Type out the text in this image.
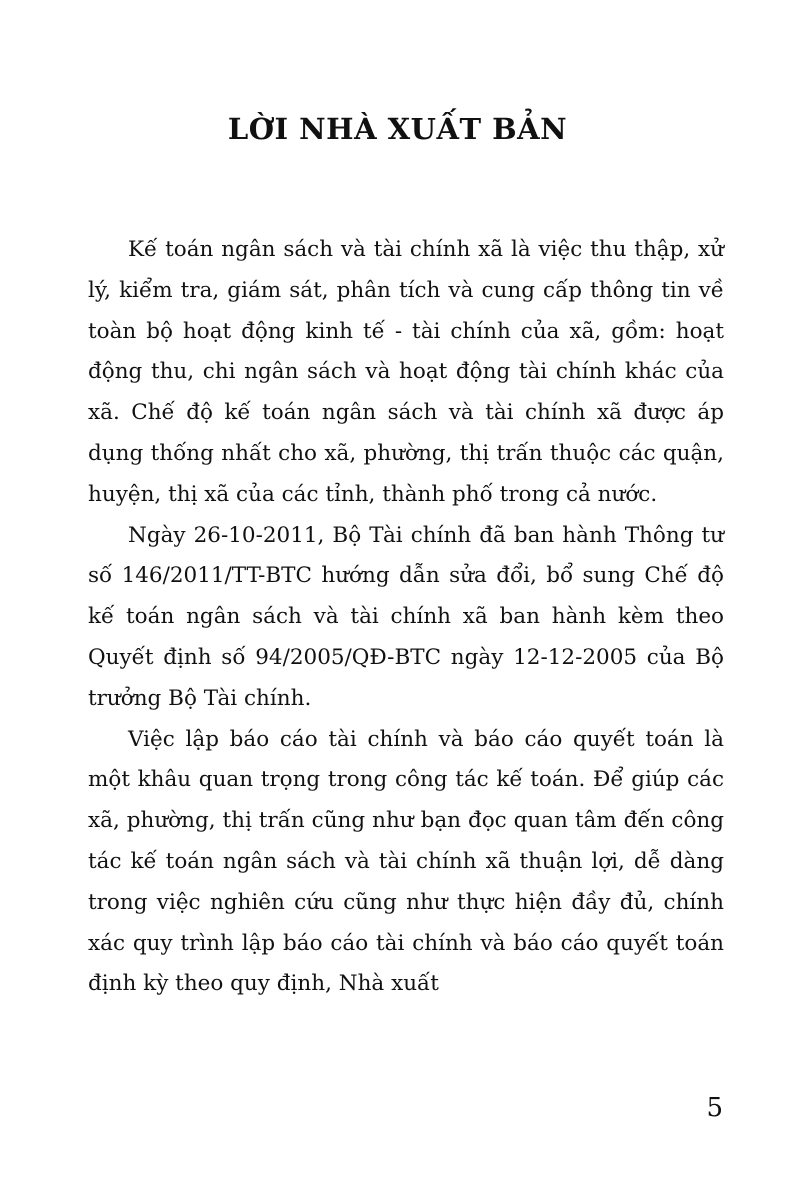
LỜI NHÀ XUẤT BẢN

Kế toán ngân sách và tài chính xã là việc thu thập, xử lý, kiểm tra, giám sát, phân tích và cung cấp thông tin về toàn bộ hoạt động kinh tế - tài chính của xã, gồm: hoạt động thu, chi ngân sách và hoạt động tài chính khác của xã. Chế độ kế toán ngân sách và tài chính xã được áp dụng thống nhất cho xã, phường, thị trấn thuộc các quận, huyện, thị xã của các tỉnh, thành phố trong cả nước.

Ngày 26-10-2011, Bộ Tài chính đã ban hành Thông tư số 146/2011/TT-BTC hướng dẫn sửa đổi, bổ sung Chế độ kế toán ngân sách và tài chính xã ban hành kèm theo Quyết định số 94/2005/QĐ-BTC ngày 12-12-2005 của Bộ trưởng Bộ Tài chính.

Việc lập báo cáo tài chính và báo cáo quyết toán là một khâu quan trọng trong công tác kế toán. Để giúp các xã, phường, thị trấn cũng như bạn đọc quan tâm đến công tác kế toán ngân sách và tài chính xã thuận lợi, dễ dàng trong việc nghiên cứu cũng như thực hiện đầy đủ, chính xác quy trình lập báo cáo tài chính và báo cáo quyết toán định kỳ theo quy định, Nhà xuất

5
